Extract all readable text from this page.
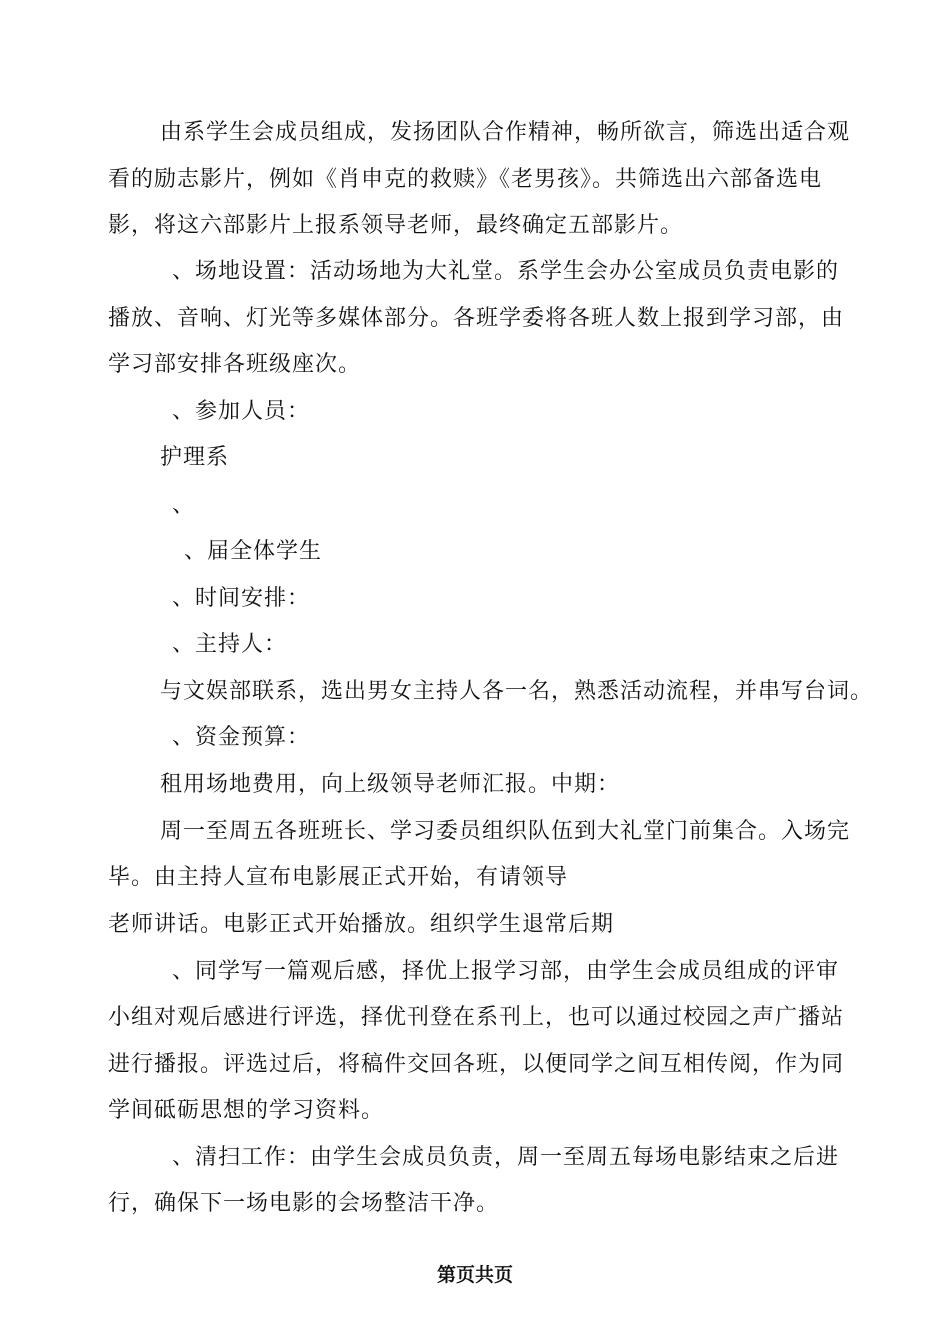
由系学生会成员组成，发扬团队合作精神，畅所欲言，筛选出适合观
看的励志影片，例如《肖申克的救赎》《老男孩》。共筛选出六部备选电
影，将这六部影片上报系领导老师，最终确定五部影片。
、场地设置：活动场地为大礼堂。系学生会办公室成员负责电影的
播放、音响、灯光等多媒体部分。各班学委将各班人数上报到学习部，由
学习部安排各班级座次。
、参加人员：
护理系
、
、届全体学生
、时间安排：
、主持人：
与文娱部联系，选出男女主持人各一名，熟悉活动流程，并串写台词。
、资金预算：
租用场地费用，向上级领导老师汇报。中期：
周一至周五各班班长、学习委员组织队伍到大礼堂门前集合。入场完
毕。由主持人宣布电影展正式开始，有请领导
老师讲话。电影正式开始播放。组织学生退常后期
、同学写一篇观后感，择优上报学习部，由学生会成员组成的评审
小组对观后感进行评选，择优刊登在系刊上，也可以通过校园之声广播站
进行播报。评选过后，将稿件交回各班，以便同学之间互相传阅，作为同
学间砥砺思想的学习资料。
、清扫工作：由学生会成员负责，周一至周五每场电影结束之后进
行，确保下一场电影的会场整洁干净。
第页共页
